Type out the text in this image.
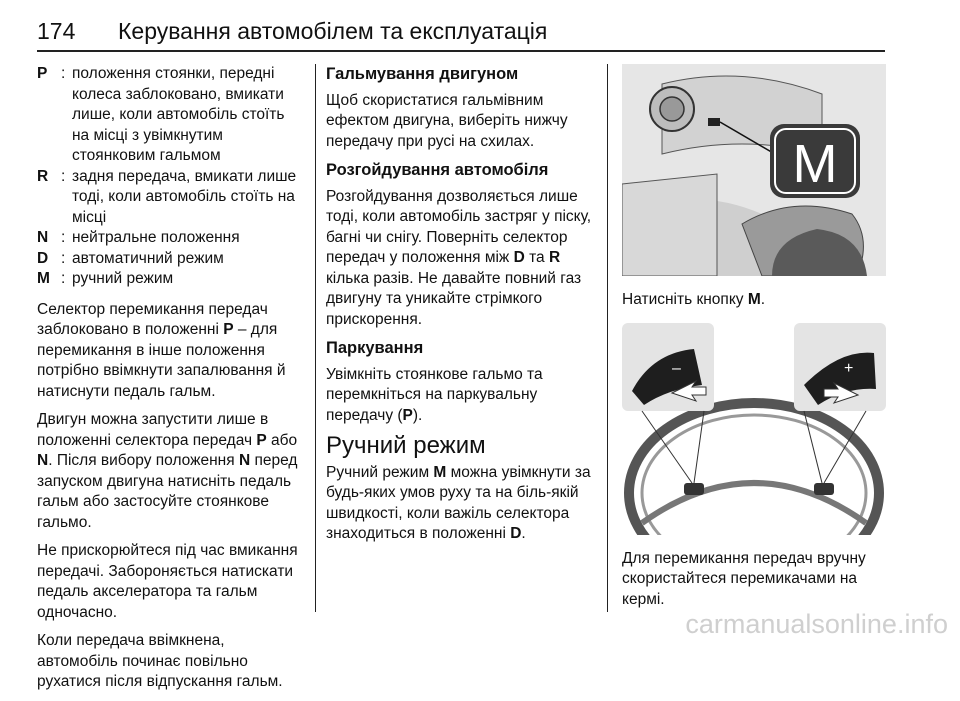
174 Керування автомобілем та експлуатація
P : положення стоянки, передні колеса заблоковано, вмикати лише, коли автомобіль стоїть на місці з увімкнутим стоянковим гальмом
R : задня передача, вмикати лише тоді, коли автомобіль стоїть на місці
N : нейтральне положення
D : автоматичний режим
M : ручний режим

Селектор перемикання передач заблоковано в положенні P – для перемикання в інше положення потрібно ввімкнути запалювання й натиснути педаль гальм.

Двигун можна запустити лише в положенні селектора передач P або N. Після вибору положення N перед запуском двигуна натисніть педаль гальм або застосуйте стоянкове гальмо.

Не прискорюйтеся під час вмикання передачі. Забороняється натискати педаль акселератора та гальм одночасно.

Коли передача ввімкнена, автомобіль починає повільно рухатися після відпускання гальм.

Гальмування двигуном

Щоб скористатися гальмівним ефектом двигуна, виберіть нижчу передачу при русі на схилах.

Розгойдування автомобіля

Розгойдування дозволяється лише тоді, коли автомобіль застряг у піску, багні чи снігу. Поверніть селектор передач у положення між D та R кілька разів. Не давайте повний газ двигуну та уникайте стрімкого прискорення.

Паркування

Увімкніть стоянкове гальмо та перемкніться на паркувальну передачу (P).

Ручний режим

Ручний режим M можна увімкнути за будь-яких умов руху та на біль-якій швидкості, коли важіль селектора знаходиться в положенні D.

M

Натисніть кнопку M.

–	+

Для перемикання передач вручну скористайтеся перемикачами на кермі.

carmanualsonline.info
